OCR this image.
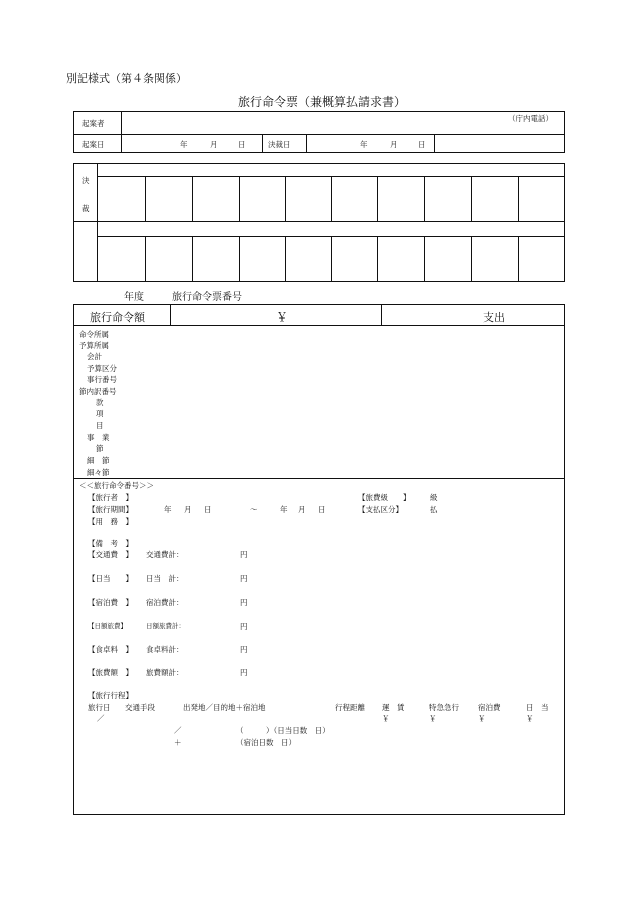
別記様式（第４条関係）
旅行命令票（兼概算払請求書）
起案者
（庁内電話）
起案日	年	月	日	決裁日	年	月	日
決
裁
年度	旅行命令票番号
旅行命令額	￥	支出
命令所属
予算所属
会計
予算区分
事行番号
節内訳番号
款
項
目
事　業
節
細　節
細々節
＜＜旅行命令番号＞＞
【旅行者　】
【旅行期間】	年 月 日	～	年 月 日
【用　務　】
【旅費級　　】	級
【支払区分】	払
【備　考　】
【交通費　】 交通費計：	円
【日当　　】 日当　計：	円
【宿泊費　】 宿泊費計：	円
【日額旅費】	日額旅費計：	円
【食卓料　】 食卓料計：	円
【旅費額　】 旅費額計：	円
【旅行行程】
旅行日 交通手段	出発地／目的地＋宿泊地	行程距離 運　賃	特急急行	宿泊費	日　当
／	￥	￥	￥	￥
／	（　　　）（日当日数　日）
＋	（宿泊日数　日）
